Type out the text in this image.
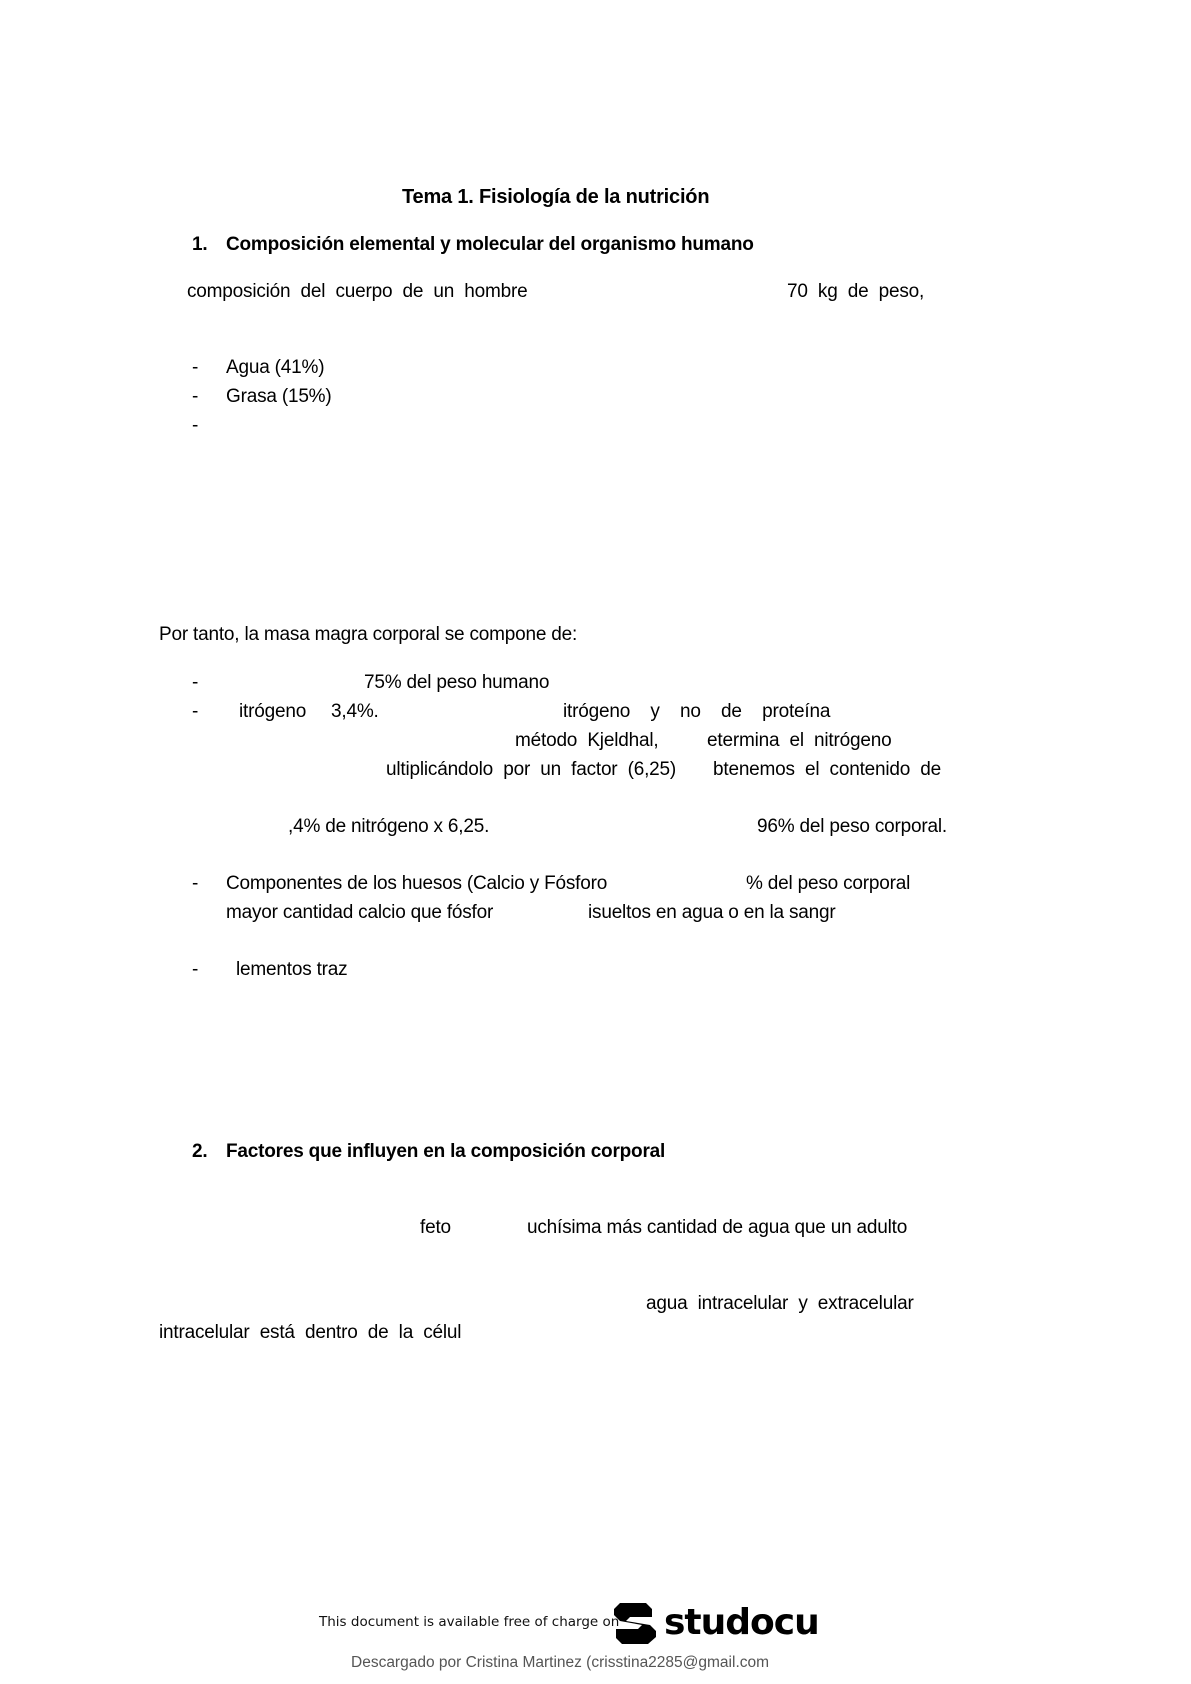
Tema 1. Fisiología de la nutrición
1. Composición elemental y molecular del organismo humano
composición  del  cuerpo  de  un  hombre	70  kg  de  peso,
- Agua (41%)
- Grasa (15%)
-
Por tanto, la masa magra corporal se compone de:
-	75% del peso humano
- itrógeno 3,4%.	itrógeno    y    no    de    proteína
método  Kjeldhal,	etermina  el  nitrógeno
ultiplicándolo  por  un  factor  (6,25) btenemos  el  contenido  de
,4% de nitrógeno x 6,25.	96% del peso corporal.
- Componentes de los huesos (Calcio y Fósforo	% del peso corporal
mayor cantidad calcio que fósfor	isueltos en agua o en la sangr
- lementos traz
2. Factores que influyen en la composición corporal
feto	uchísima más cantidad de agua que un adulto
agua  intracelular  y  extracelular
intracelular  está  dentro  de  la  célul
This document is available free of charge on studocu
Descargado por Cristina Martinez (crisstina2285@gmail.com
